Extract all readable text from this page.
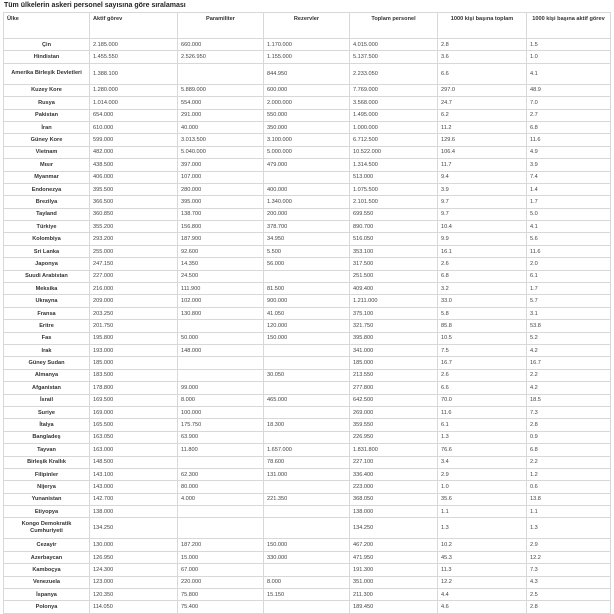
Tüm ülkelerin askeri personel sayısına göre sıralaması
Ülke	Aktif görev	Paramiliter	Rezervler	Toplam personel	1000 kişi başına toplam	1000 kişi başına aktif görev
Çin	2.185.000	660.000	1.170.000	4.015.000	2.8	1.5
Hindistan	1.455.550	2.526.950	1.155.000	5.137.500	3.6	1.0
Amerika Birleşik Devletleri	1.388.100		844.950	2.233.050	6.6	4.1
Kuzey Kore	1.280.000	5.889.000	600.000	7.769.000	297.0	48.9
Rusya	1.014.000	554.000	2.000.000	3.568.000	24.7	7.0
Pakistan	654.000	291.000	550.000	1.495.000	6.2	2.7
İran	610.000	40.000	350.000	1.000.000	11.2	6.8
Güney Kore	599.000	3.013.500	3.100.000	6.712.500	129.6	11.6
Vietnam	482.000	5.040.000	5.000.000	10.522.000	106.4	4.9
Mısır	438.500	397.000	479.000	1.314.500	11.7	3.9
Myanmar	406.000	107.000		513.000	9.4	7.4
Endonezya	395.500	280.000	400.000	1.075.500	3.9	1.4
Brezilya	366.500	395.000	1.340.000	2.101.500	9.7	1.7
Tayland	360.850	138.700	200.000	699.550	9.7	5.0
Türkiye	355.200	156.800	378.700	890.700	10.4	4.1
Kolombiya	293.200	187.900	34.950	516.050	9.9	5.6
Sri Lanka	255.000	92.600	5.500	353.100	16.1	11.6
Japonya	247.150	14.350	56.000	317.500	2.6	2.0
Suudi Arabistan	227.000	24.500		251.500	6.8	6.1
Meksika	216.000	111.900	81.500	409.400	3.2	1.7
Ukrayna	209.000	102.000	900.000	1.211.000	33.0	5.7
Fransa	203.250	130.800	41.050	375.100	5.8	3.1
Eritre	201.750		120.000	321.750	85.8	53.8
Fas	195.800	50.000	150.000	395.800	10.5	5.2
Irak	193.000	148.000		341.000	7.5	4.2
Güney Sudan	185.000			185.000	16.7	16.7
Almanya	183.500		30.050	213.550	2.6	2.2
Afganistan	178.800	99.000		277.800	6.6	4.2
İsrail	169.500	8.000	465.000	642.500	70.0	18.5
Suriye	169.000	100.000		269.000	11.6	7.3
İtalya	165.500	175.750	18.300	359.550	6.1	2.8
Bangladeş	163.050	63.900		226.950	1.3	0.9
Tayvan	163.000	11.800	1.657.000	1.831.800	76.6	6.8
Birleşik Krallık	148.500		78.600	227.100	3.4	2.2
Filipinler	143.100	62.300	131.000	336.400	2.9	1.2
Nijerya	143.000	80.000		223.000	1.0	0.6
Yunanistan	142.700	4.000	221.350	368.050	35.6	13.8
Etiyopya	138.000			138.000	1.1	1.1
Kongo Demokratik Cumhuriyeti	134.250			134.250	1.3	1.3
Cezayir	130.000	187.200	150.000	467.200	10.2	2.9
Azerbaycan	126.950	15.000	330.000	471.950	45.3	12.2
Kamboçya	124.300	67.000		191.300	11.3	7.3
Venezuela	123.000	220.000	8.000	351.000	12.2	4.3
İspanya	120.350	75.800	15.150	211.300	4.4	2.5
Polonya	114.050	75.400		189.450	4.6	2.8
